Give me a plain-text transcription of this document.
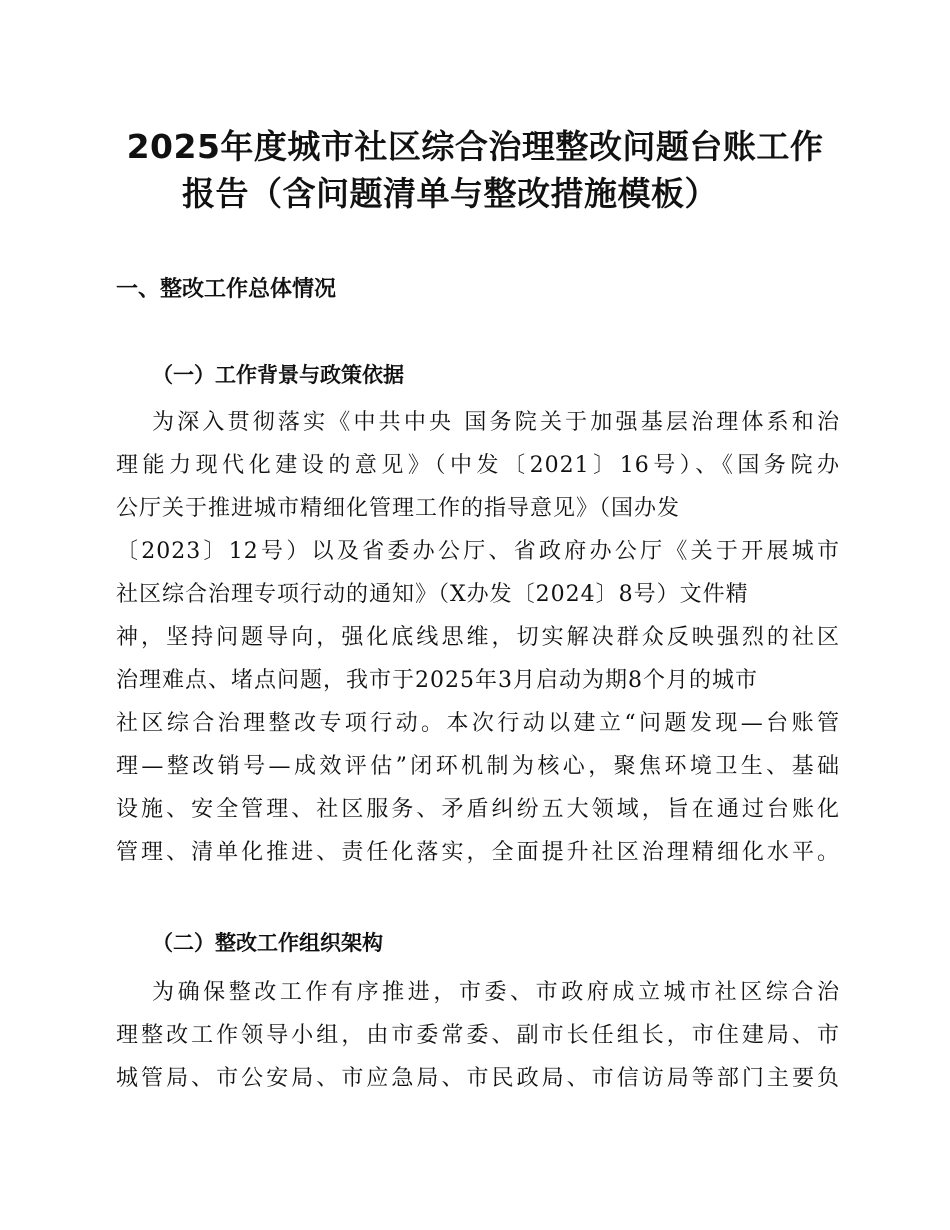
2025年度城市社区综合治理整改问题台账工作
报告（含问题清单与整改措施模板）
一、整改工作总体情况
（一）工作背景与政策依据
为深入贯彻落实《中共中央 国务院关于加强基层治理体系和治
理能力现代化建设的意见》（中发〔2021〕16号）、《国务院办
公厅关于推进城市精细化管理工作的指导意见》（国办发
〔2023〕12号）以及省委办公厅、省政府办公厅《关于开展城市
社区综合治理专项行动的通知》（X办发〔2024〕8号）文件精
神，坚持问题导向，强化底线思维，切实解决群众反映强烈的社区
治理难点、堵点问题，我市于2025年3月启动为期8个月的城市
社区综合治理整改专项行动。本次行动以建立“问题发现—台账管
理—整改销号—成效评估”闭环机制为核心，聚焦环境卫生、基础
设施、安全管理、社区服务、矛盾纠纷五大领域，旨在通过台账化
管理、清单化推进、责任化落实，全面提升社区治理精细化水平。
（二）整改工作组织架构
为确保整改工作有序推进，市委、市政府成立城市社区综合治
理整改工作领导小组，由市委常委、副市长任组长，市住建局、市
城管局、市公安局、市应急局、市民政局、市信访局等部门主要负
